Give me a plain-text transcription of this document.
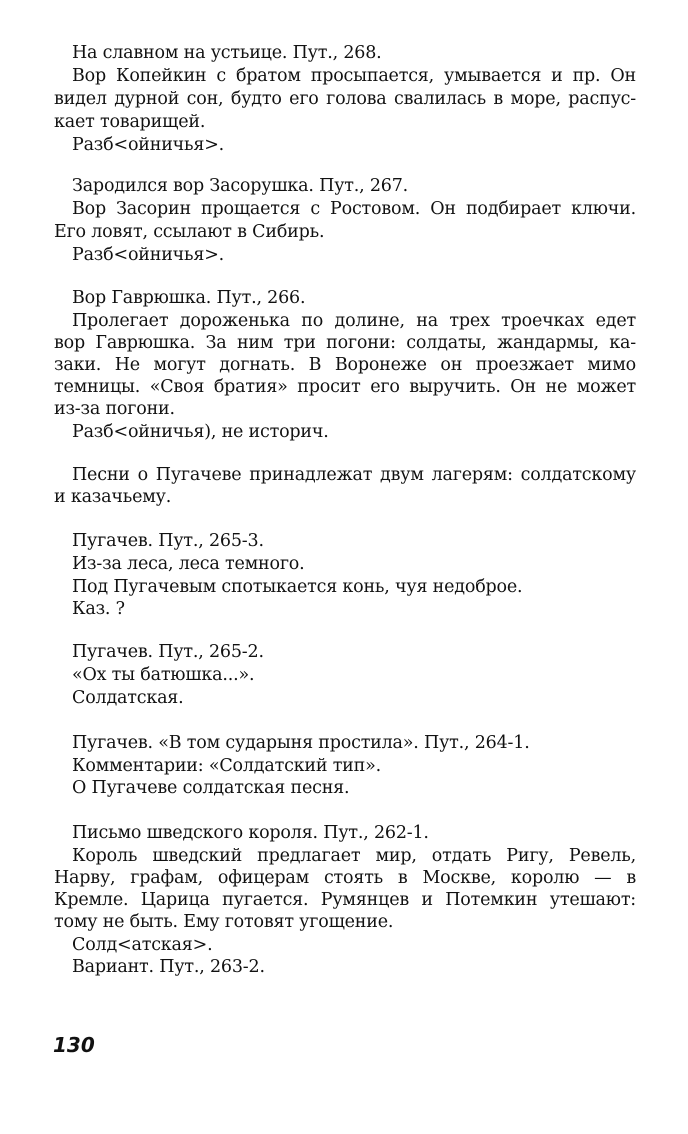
На славном на устьице. Пут., 268.
Вор Копейкин с братом просыпается, умывается и пр. Он
видел дурной сон, будто его голова свалилась в море, распус-
кает товарищей.
Разб<ойничья>.
Зародился вор Засорушка. Пут., 267.
Вор Засорин прощается с Ростовом. Он подбирает ключи.
Его ловят, ссылают в Сибирь.
Разб<ойничья>.
Вор Гаврюшка. Пут., 266.
Пролегает дороженька по долине, на трех троечках едет
вор Гаврюшка. За ним три погони: солдаты, жандармы, ка-
заки. Не могут догнать. В Воронеже он проезжает мимо
темницы. «Своя братия» просит его выручить. Он не может
из-за погони.
Разб<ойничья), не историч.
Песни о Пугачеве принадлежат двум лагерям: солдатскому
и казачьему.
Пугачев. Пут., 265-3.
Из-за леса, леса темного.
Под Пугачевым спотыкается конь, чуя недоброе.
Каз. ?
Пугачев. Пут., 265-2.
«Ох ты батюшка...».
Солдатская.
Пугачев. «В том сударыня простила». Пут., 264-1.
Комментарии: «Солдатский тип».
О Пугачеве солдатская песня.
Письмо шведского короля. Пут., 262-1.
Король шведский предлагает мир, отдать Ригу, Ревель,
Нарву, графам, офицерам стоять в Москве, королю — в
Кремле. Царица пугается. Румянцев и Потемкин утешают:
тому не быть. Ему готовят угощение.
Солд<атская>.
Вариант. Пут., 263-2.
130
